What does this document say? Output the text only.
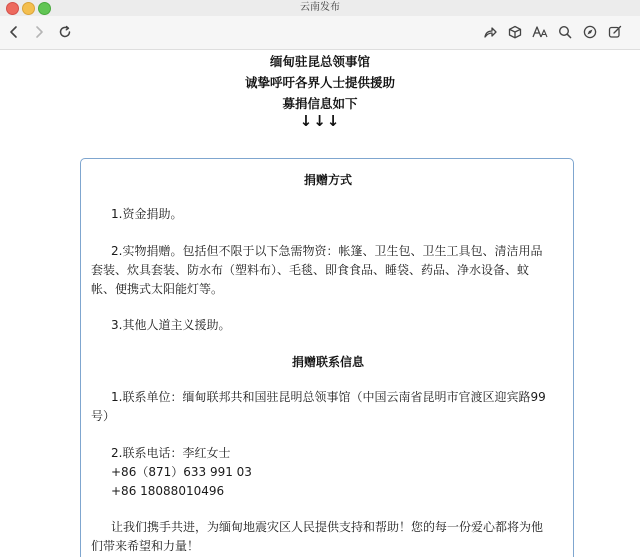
云南发布
缅甸驻昆总领事馆
诚挚呼吁各界人士提供援助
募捐信息如下
↓↓↓
捐赠方式
1.资金捐助。
2.实物捐赠。包括但不限于以下急需物资：帐篷、卫生包、卫生工具包、清洁用品
套装、炊具套装、防水布（塑料布）、毛毯、即食食品、睡袋、药品、净水设备、蚊
帐、便携式太阳能灯等。
3.其他人道主义援助。
捐赠联系信息
1.联系单位：缅甸联邦共和国驻昆明总领事馆（中国云南省昆明市官渡区迎宾路99
号）
2.联系电话：李红女士
+86（871）633 991 03
+86 18088010496
让我们携手共进，为缅甸地震灾区人民提供支持和帮助！您的每一份爱心都将为他
们带来希望和力量！
